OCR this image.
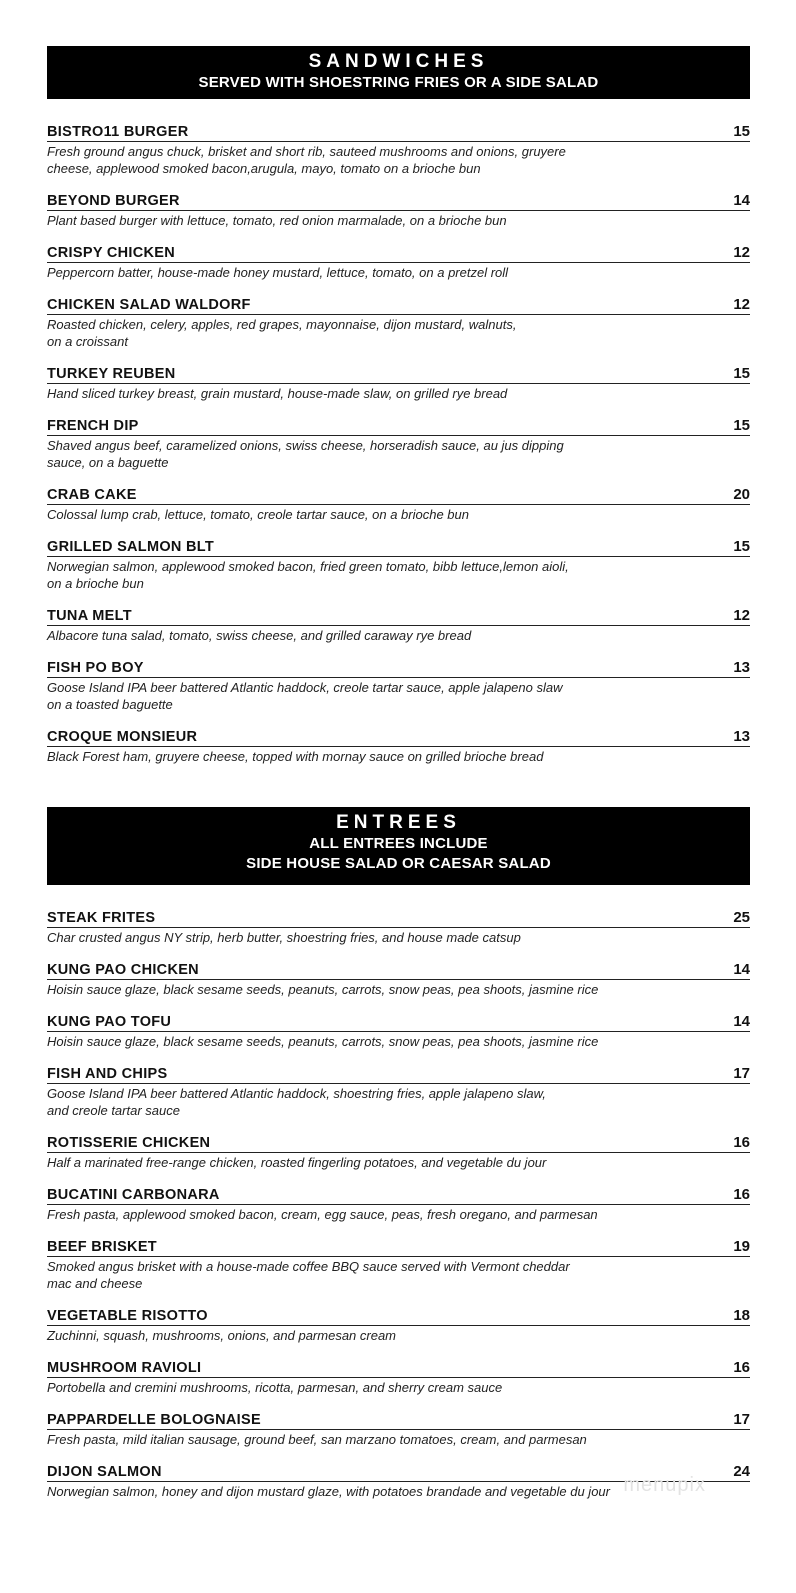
SANDWICHES
SERVED WITH SHOESTRING FRIES OR A SIDE SALAD
BISTRO11 BURGER	15
Fresh ground angus chuck, brisket and short rib, sauteed mushrooms and onions, gruyere
cheese, applewood smoked bacon,arugula, mayo, tomato on a brioche bun
BEYOND BURGER	14
Plant based burger with lettuce, tomato, red onion marmalade, on a brioche bun
CRISPY CHICKEN	12
Peppercorn batter, house-made honey mustard, lettuce, tomato, on a pretzel roll
CHICKEN SALAD WALDORF	12
Roasted chicken, celery, apples, red grapes, mayonnaise, dijon mustard, walnuts,
on a croissant
TURKEY REUBEN	15
Hand sliced turkey breast, grain mustard, house-made slaw, on grilled rye bread
FRENCH DIP	15
Shaved angus beef, caramelized onions, swiss cheese, horseradish sauce, au jus dipping
sauce, on a baguette
CRAB CAKE	20
Colossal lump crab, lettuce, tomato, creole tartar sauce, on a brioche bun
GRILLED SALMON BLT	15
Norwegian salmon, applewood smoked bacon, fried green tomato, bibb lettuce,lemon aioli,
on a brioche bun
TUNA MELT	12
Albacore tuna salad, tomato, swiss cheese, and grilled caraway rye bread
FISH PO BOY	13
Goose Island IPA beer battered Atlantic haddock, creole tartar sauce, apple jalapeno slaw
on a toasted baguette
CROQUE MONSIEUR	13
Black Forest ham, gruyere cheese, topped with mornay sauce on grilled brioche bread
ENTREES
ALL ENTREES INCLUDE
SIDE HOUSE SALAD OR CAESAR SALAD
STEAK FRITES	25
Char crusted angus NY strip, herb butter, shoestring fries, and house made catsup
KUNG PAO CHICKEN	14
Hoisin sauce glaze, black sesame seeds, peanuts, carrots, snow peas, pea shoots, jasmine rice
KUNG PAO TOFU	14
Hoisin sauce glaze, black sesame seeds, peanuts, carrots, snow peas, pea shoots, jasmine rice
FISH AND CHIPS	17
Goose Island IPA beer battered Atlantic haddock, shoestring fries, apple jalapeno slaw,
and creole tartar sauce
ROTISSERIE CHICKEN	16
Half a marinated free-range chicken, roasted fingerling potatoes, and vegetable du jour
BUCATINI CARBONARA	16
Fresh pasta, applewood smoked bacon, cream, egg sauce, peas, fresh oregano, and parmesan
BEEF BRISKET	19
Smoked angus brisket with a house-made coffee BBQ sauce served with Vermont cheddar
mac and cheese
VEGETABLE RISOTTO	18
Zuchinni, squash, mushrooms, onions, and parmesan cream
MUSHROOM RAVIOLI	16
Portobella and cremini mushrooms, ricotta, parmesan, and sherry cream sauce
PAPPARDELLE BOLOGNAISE	17
Fresh pasta, mild italian sausage, ground beef, san marzano tomatoes, cream, and parmesan
DIJON SALMON	24
Norwegian salmon, honey and dijon mustard glaze, with potatoes brandade and vegetable du jour menupix
